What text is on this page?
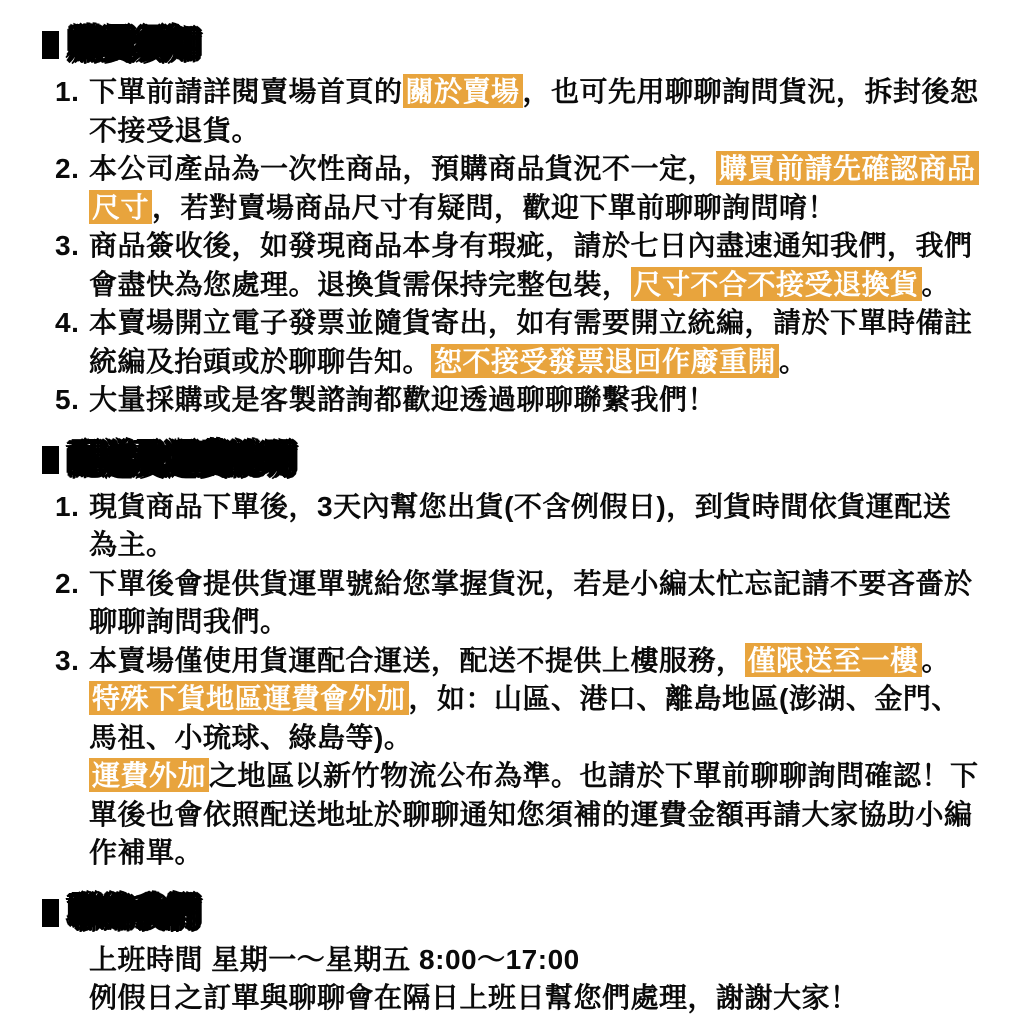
購買須知
1. 下單前請詳閱賣場首頁的 關於賣場 ，也可先用聊聊詢問貨況，拆封後恕
不接受退貨。
2. 本公司產品為一次性商品，預購商品貨況不一定， 購買前請先確認商品
尺寸 ，若對賣場商品尺寸有疑問，歡迎下單前聊聊詢問唷！
3. 商品簽收後，如發現商品本身有瑕疵，請於七日內盡速通知我們，我們
會盡快為您處理。退換貨需保持完整包裝， 尺寸不合不接受退換貨 。
4. 本賣場開立電子發票並隨貨寄出，如有需要開立統編，請於下單時備註
統編及抬頭或於聊聊告知。 恕不接受發票退回作廢重開 。
5. 大量採購或是客製諮詢都歡迎透過聊聊聯繫我們！
配送及運費說明
1. 現貨商品下單後，3天內幫您出貨(不含例假日)，到貨時間依貨運配送
為主。
2. 下單後會提供貨運單號給您掌握貨況，若是小編太忙忘記請不要吝嗇於
聊聊詢問我們。
3. 本賣場僅使用貨運配合運送，配送不提供上樓服務， 僅限送至一樓 。
特殊下貨地區運費會外加 ，如：山區、港口、離島地區(澎湖、金門、
馬祖、小琉球、綠島等)。
運費外加 之地區以新竹物流公布為準。也請於下單前聊聊詢問確認！下
單後也會依照配送地址於聊聊通知您須補的運費金額再請大家協助小編
作補單。
聯絡我們
上班時間 星期一～星期五 8:00～17:00
例假日之訂單與聊聊會在隔日上班日幫您們處理，謝謝大家！
